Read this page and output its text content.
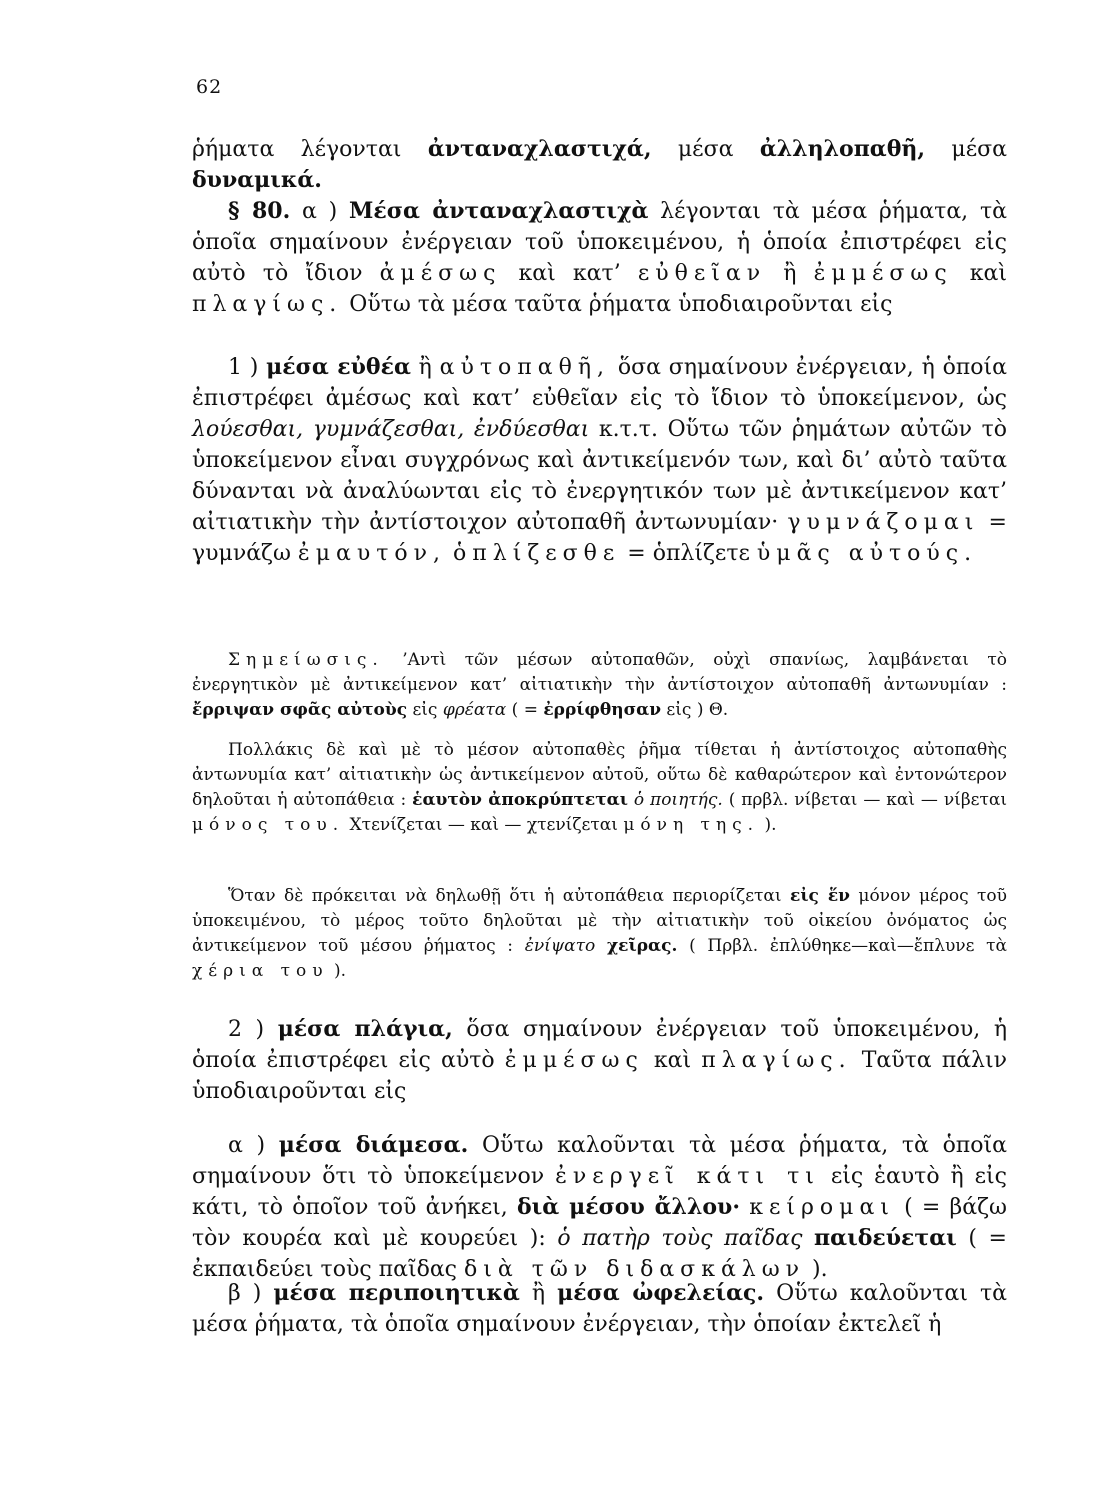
62

ῥήματα λέγονται ἀνταναχλαστιχά, μέσα ἀλληλοπαθῆ, μέσα δυναμικά.

§ 80. α ) Μέσα ἀνταναχλαστιχὰ λέγονται τὰ μέσα ῥήματα, τὰ ὁποῖα σημαίνουν ἐνέργειαν τοῦ ὑποκειμένου, ἡ ὁποία ἐπιστρέφει εἰς αὐτὸ τὸ ἴδιον ἀμέσως καὶ κατ’ εὐθεῖαν ἢ ἐμμέσως καὶ πλαγίως. Οὕτω τὰ μέσα ταῦτα ῥήματα ὑποδιαιροῦνται εἰς

1 ) μέσα εὐθέα ἢ αὐτοπαθῆ, ὅσα σημαίνουν ἐνέργειαν, ἡ ὁποία ἐπιστρέφει ἀμέσως καὶ κατ’ εὐθεῖαν εἰς τὸ ἴδιον τὸ ὑποκείμενον, ὡς λούεσθαι, γυμνάζεσθαι, ἐνδύεσθαι κ.τ.τ. Οὕτω τῶν ῥημάτων αὐτῶν τὸ ὑποκείμενον εἶναι συγχρόνως καὶ ἀντικείμενόν των, καὶ δι’ αὐτὸ ταῦτα δύνανται νὰ ἀναλύωνται εἰς τὸ ἐνεργητικόν των μὲ ἀντικείμενον κατ’ αἰτιατικὴν τὴν ἀντίστοιχον αὐτοπαθῆ ἀντωνυμίαν· γυμνάζομαι = γυμνάζω ἐμαυτόν, ὁπλίζεσθε = ὁπλίζετε ὑμᾶς αὐτούς.

Σημείωσις. ’Αντὶ τῶν μέσων αὐτοπαθῶν, οὐχὶ σπανίως, λαμβάνεται τὸ ἐνεργητικὸν μὲ ἀντικείμενον κατ’ αἰτιατικὴν τὴν ἀντίστοιχον αὐτοπαθῆ ἀντωνυμίαν : ἔρριψαν σφᾶς αὐτοὺς εἰς φρέατα ( = ἐρρίφθησαν εἰς ) Θ.

Πολλάκις δὲ καὶ μὲ τὸ μέσον αὐτοπαθὲς ῥῆμα τίθεται ἡ ἀντίστοιχος αὐτοπαθὴς ἀντωνυμία κατ’ αἰτιατικὴν ὡς ἀντικείμενον αὐτοῦ, οὕτω δὲ καθαρώτερον καὶ ἐντονώτερον δηλοῦται ἡ αὐτοπάθεια : ἑαυτὸν ἀποκρύπτεται ὁ ποιητής. ( πρβλ. νίβεται — καὶ — νίβεται μόνος του. Χτενίζεται — καὶ — χτενίζεται μόνη της. ).

Ὅταν δὲ πρόκειται νὰ δηλωθῇ ὅτι ἡ αὐτοπάθεια περιορίζεται εἰς ἕν μόνον μέρος τοῦ ὑποκειμένου, τὸ μέρος τοῦτο δηλοῦται μὲ τὴν αἰτιατικὴν τοῦ οἰκείου ὀνόματος ὡς ἀντικείμενον τοῦ μέσου ῥήματος : ἐνίψατο χεῖρας. ( Πρβλ. ἐπλύθηκε—καὶ—ἔπλυνε τὰ χέρια του ).

2 ) μέσα πλάγια, ὅσα σημαίνουν ἐνέργειαν τοῦ ὑποκειμένου, ἡ ὁποία ἐπιστρέφει εἰς αὐτὸ ἐμμέσως καὶ πλαγίως. Ταῦτα πάλιν ὑποδιαιροῦνται εἰς

α ) μέσα διάμεσα. Οὕτω καλοῦνται τὰ μέσα ῥήματα, τὰ ὁποῖα σημαίνουν ὅτι τὸ ὑποκείμενον ἐνεργεῖ κάτι τι εἰς ἑαυτὸ ἢ εἰς κάτι, τὸ ὁποῖον τοῦ ἀνήκει, διὰ μέσου ἄλλου· κείρομαι ( = βάζω τὸν κουρέα καὶ μὲ κουρεύει ): ὁ πατὴρ τοὺς παῖδας παιδεύεται ( = ἐκπαιδεύει τοὺς παῖδας διὰ τῶν διδασκάλων ).

β ) μέσα περιποιητικὰ ἢ μέσα ὠφελείας. Οὕτω καλοῦνται τὰ μέσα ῥήματα, τὰ ὁποῖα σημαίνουν ἐνέργειαν, τὴν ὁποίαν ἐκτελεῖ ἡ
